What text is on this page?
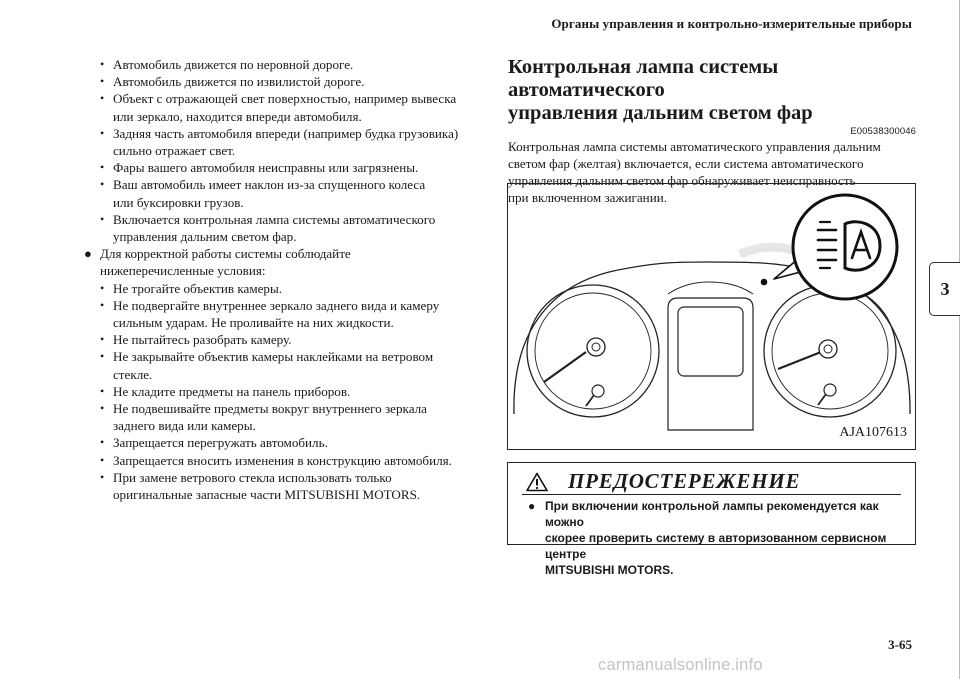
Органы управления и контрольно-измерительные приборы
3
• Автомобиль движется по неровной дороге.
• Автомобиль движется по извилистой дороге.
• Объект с отражающей свет поверхностью, например вывеска
или зеркало, находится впереди автомобиля.
• Задняя часть автомобиля впереди (например будка грузовика)
сильно отражает свет.
• Фары вашего автомобиля неисправны или загрязнены.
• Ваш автомобиль имеет наклон из-за спущенного колеса
или буксировки грузов.
• Включается контрольная лампа системы автоматического
управления дальним светом фар.
● Для корректной работы системы соблюдайте
нижеперечисленные условия:
• Не трогайте объектив камеры.
• Не подвергайте внутреннее зеркало заднего вида и камеру
сильным ударам. Не проливайте на них жидкости.
• Не пытайтесь разобрать камеру.
• Не закрывайте объектив камеры наклейками на ветровом
стекле.
• Не кладите предметы на панель приборов.
• Не подвешивайте предметы вокруг внутреннего зеркала
заднего вида или камеры.
• Запрещается перегружать автомобиль.
• Запрещается вносить изменения в конструкцию автомобиля.
• При замене ветрового стекла использовать только
оригинальные запасные части MITSUBISHI MOTORS.
Контрольная лампа системы автоматического
управления дальним светом фар
E00538300046
Контрольная лампа системы автоматического управления дальним
светом фар (желтая) включается, если система автоматического
управления дальним светом фар обнаруживает неисправность
при включенном зажигании.
AJA107613
ПРЕДОСТЕРЕЖЕНИЕ
● При включении контрольной лампы рекомендуется как можно
скорее проверить систему в авторизованном сервисном центре
MITSUBISHI MOTORS.
3-65
carmanualsonline.info
